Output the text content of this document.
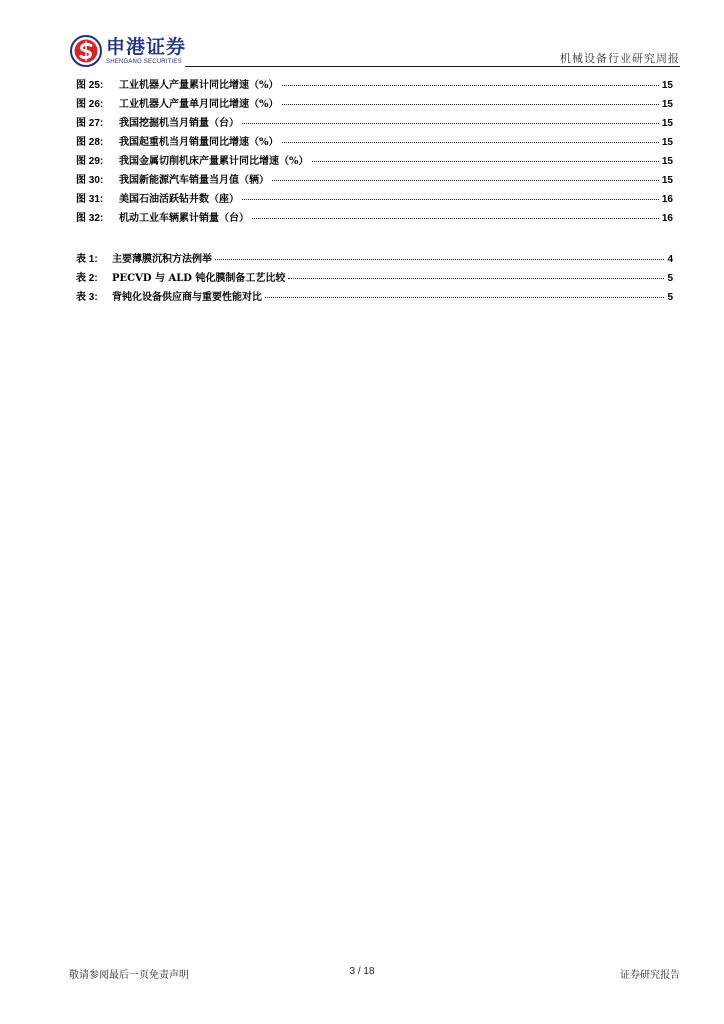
申港证券
SHENGANG SECURITIES	机械设备行业研究周报
图 25:	工业机器人产量累计同比增速（%）	15
图 26:	工业机器人产量单月同比增速（%）	15
图 27:	我国挖掘机当月销量（台）	15
图 28:	我国起重机当月销量同比增速（%）	15
图 29:	我国金属切削机床产量累计同比增速（%）	15
图 30:	我国新能源汽车销量当月值（辆）	15
图 31:	美国石油活跃钻井数（座）	16
图 32:	机动工业车辆累计销量（台）	16
表 1:	主要薄膜沉积方法例举	4
表 2:	PECVD 与 ALD 钝化膜制备工艺比较	5
表 3:	背钝化设备供应商与重要性能对比	5
敬请参阅最后一页免责声明	3 / 18	证券研究报告
